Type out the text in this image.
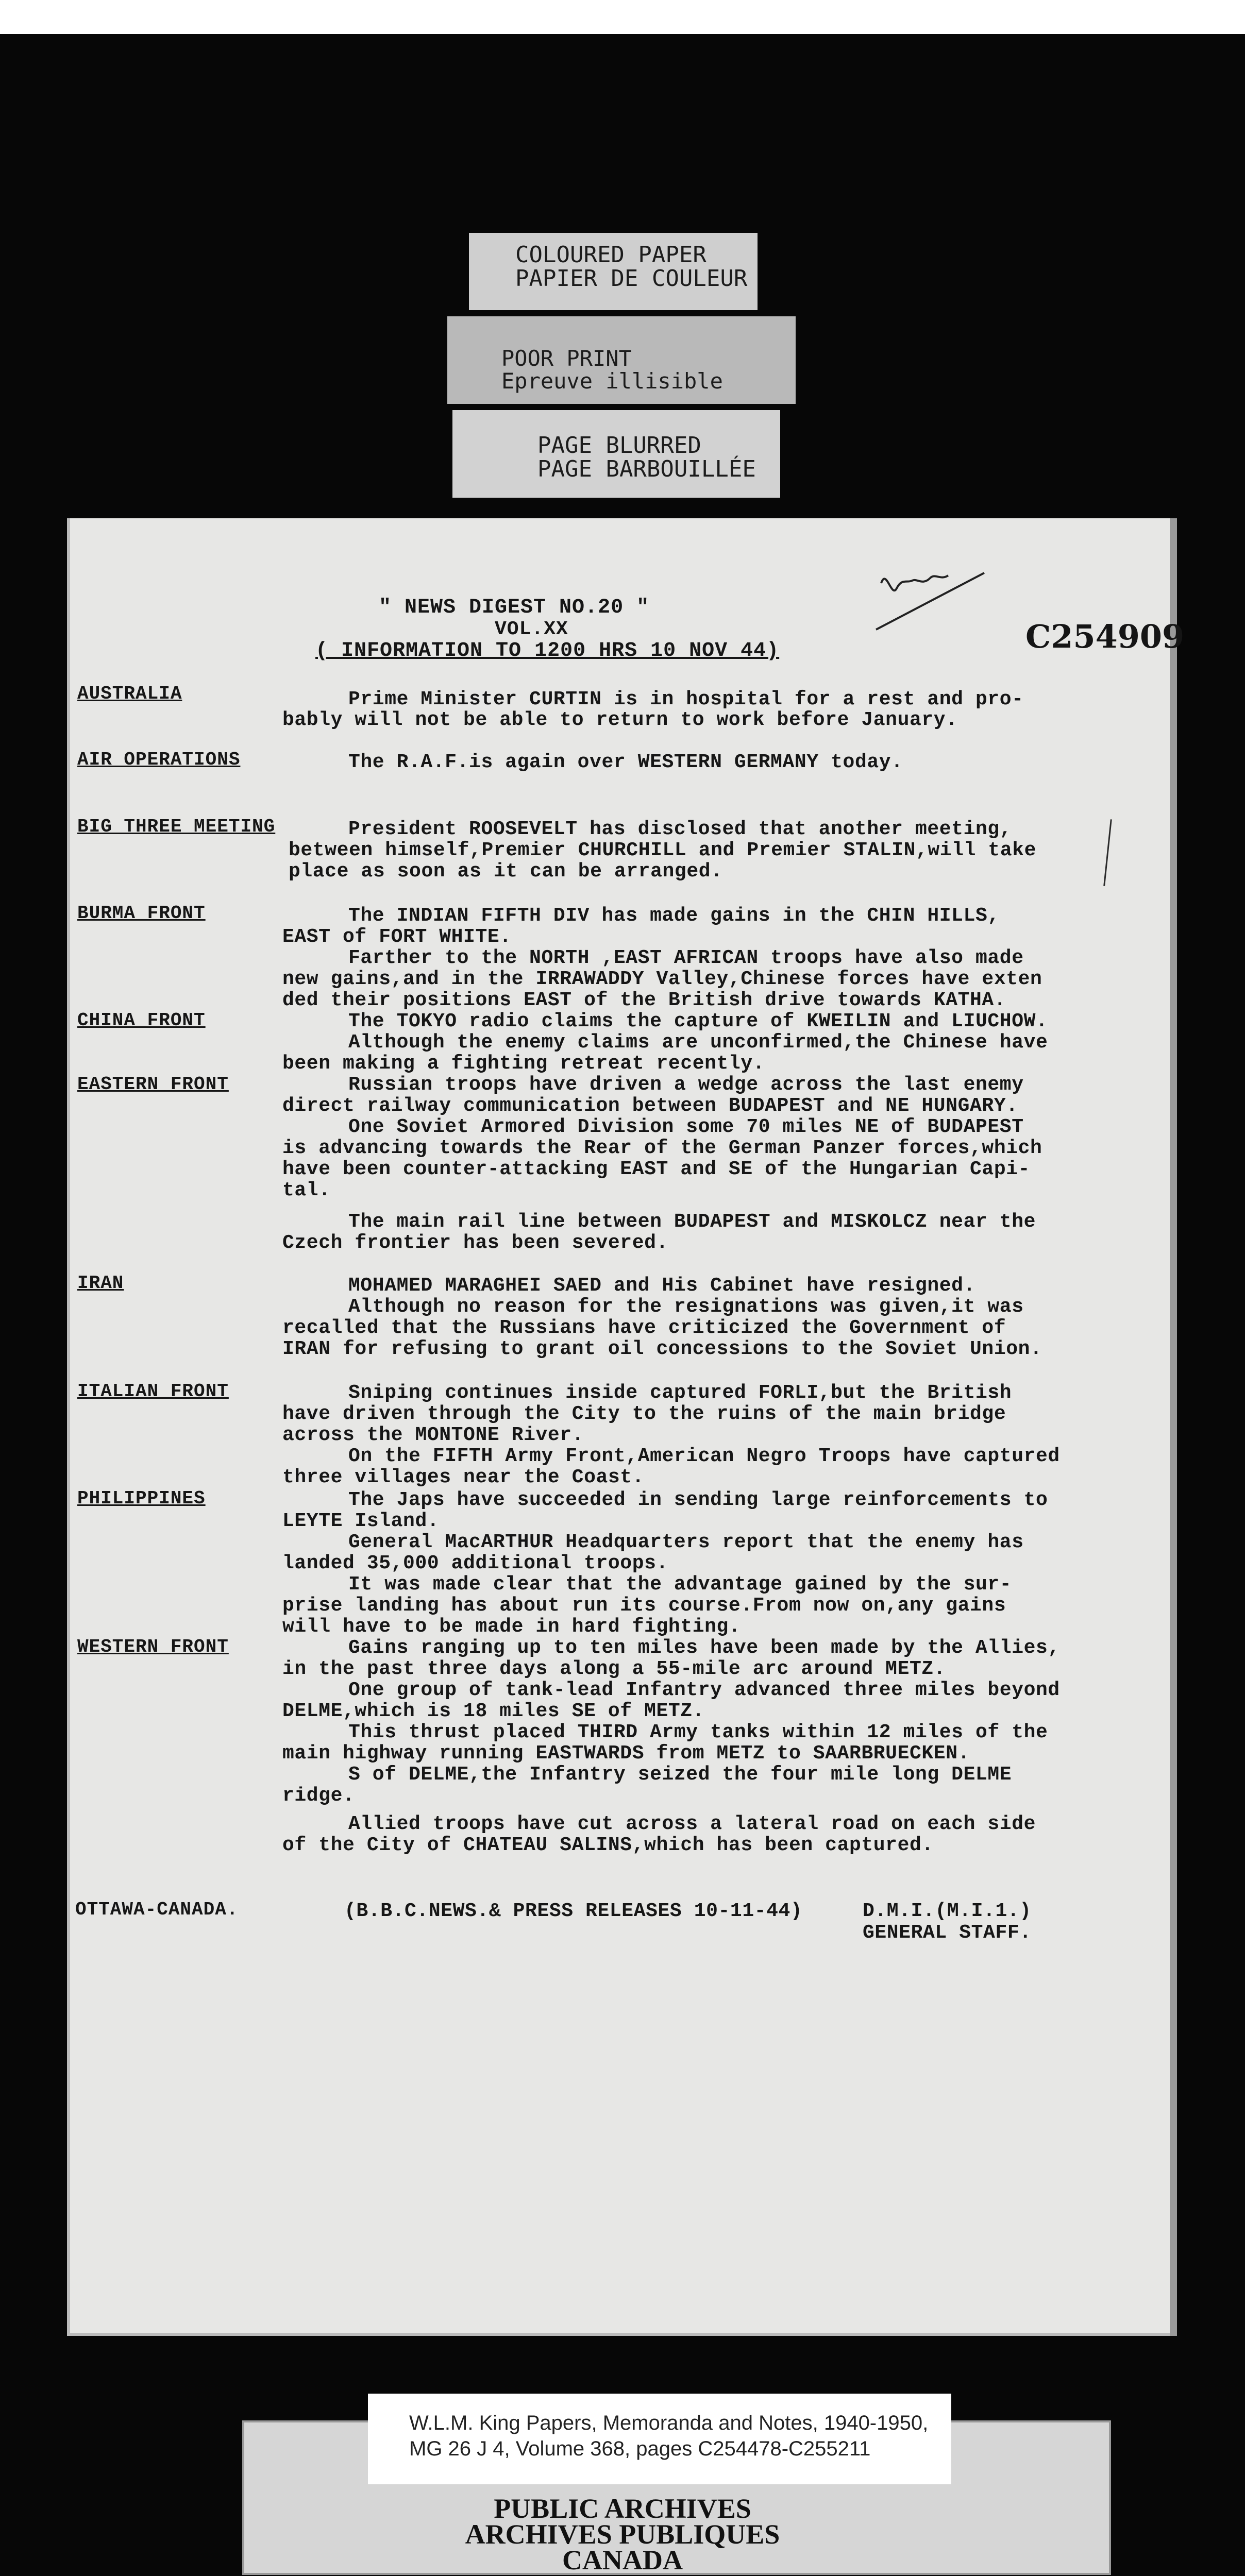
COLOURED PAPER
PAPIER DE COULEUR
POOR PRINT
Epreuve illisible
PAGE BLURRED
PAGE BARBOUILLÉE
C254909
" NEWS DIGEST NO.20 "
VOL.XX
( INFORMATION TO 1200 HRS 10 NOV 44)
AUSTRALIA	Prime Minister CURTIN is in hospital for a rest and pro-
bably will not be able to return to work before January.
AIR OPERATIONS	The R.A.F.is again over WESTERN GERMANY today.
BIG THREE MEETING	President ROOSEVELT has disclosed that another meeting,
between himself,Premier CHURCHILL and Premier STALIN,will take
place as soon as it can be arranged.
BURMA FRONT	The INDIAN FIFTH DIV has made gains in the CHIN HILLS,
EAST of FORT WHITE.
Farther to the NORTH ,EAST AFRICAN troops have also made
new gains,and in the IRRAWADDY Valley,Chinese forces have exten
ded their positions EAST of the British drive towards KATHA.
CHINA FRONT	The TOKYO radio claims the capture of KWEILIN and LIUCHOW.
Although the enemy claims are unconfirmed,the Chinese have
been making a fighting retreat recently.
EASTERN FRONT	Russian troops have driven a wedge across the last enemy
direct railway communication between BUDAPEST and NE HUNGARY.
One Soviet Armored Division some 70 miles NE of BUDAPEST
is advancing towards the Rear of the German Panzer forces,which
have been counter-attacking EAST and SE of the Hungarian Capi-
tal.
The main rail line between BUDAPEST and MISKOLCZ near the
Czech frontier has been severed.
IRAN	MOHAMED MARAGHEI SAED and His Cabinet have resigned.
Although no reason for the resignations was given,it was
recalled that the Russians have criticized the Government of
IRAN for refusing to grant oil concessions to the Soviet Union.
ITALIAN FRONT	Sniping continues inside captured FORLI,but the British
have driven through the City to the ruins of the main bridge
across the MONTONE River.
On the FIFTH Army Front,American Negro Troops have captured
three villages near the Coast.
PHILIPPINES	The Japs have succeeded in sending large reinforcements to
LEYTE Island.
General MacARTHUR Headquarters report that the enemy has
landed 35,000 additional troops.
It was made clear that the advantage gained by the sur-
prise landing has about run its course.From now on,any gains
will have to be made in hard fighting.
WESTERN FRONT	Gains ranging up to ten miles have been made by the Allies,
in the past three days along a 55-mile arc around METZ.
One group of tank-lead Infantry advanced three miles beyond
DELME,which is 18 miles SE of METZ.
This thrust placed THIRD Army tanks within 12 miles of the
main highway running EASTWARDS from METZ to SAARBRUECKEN.
S of DELME,the Infantry seized the four mile long DELME
ridge.
Allied troops have cut across a lateral road on each side
of the City of CHATEAU SALINS,which has been captured.
OTTAWA-CANADA.	(B.B.C.NEWS.& PRESS RELEASES 10-11-44)	D.M.I.(M.I.1.)
GENERAL STAFF.
W.L.M. King Papers, Memoranda and Notes, 1940-1950,
MG 26 J 4, Volume 368, pages C254478-C255211
PUBLIC ARCHIVES
ARCHIVES PUBLIQUES
CANADA
